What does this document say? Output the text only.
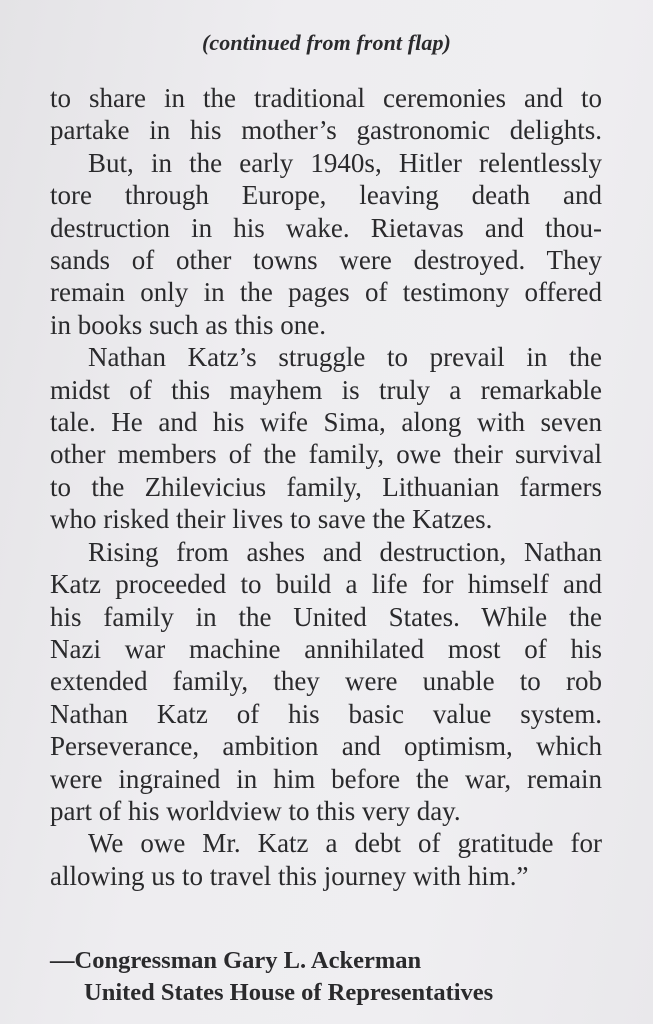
(continued from front flap)
to share in the traditional ceremonies and to
partake in his mother’s gastronomic delights.
But, in the early 1940s, Hitler relentlessly
tore through Europe, leaving death and
destruction in his wake. Rietavas and thou-
sands of other towns were destroyed. They
remain only in the pages of testimony offered
in books such as this one.
Nathan Katz’s struggle to prevail in the
midst of this mayhem is truly a remarkable
tale. He and his wife Sima, along with seven
other members of the family, owe their survival
to the Zhilevicius family, Lithuanian farmers
who risked their lives to save the Katzes.
Rising from ashes and destruction, Nathan
Katz proceeded to build a life for himself and
his family in the United States. While the
Nazi war machine annihilated most of his
extended family, they were unable to rob
Nathan Katz of his basic value system.
Perseverance, ambition and optimism, which
were ingrained in him before the war, remain
part of his worldview to this very day.
We owe Mr. Katz a debt of gratitude for
allowing us to travel this journey with him.”
—Congressman Gary L. Ackerman
United States House of Representatives
